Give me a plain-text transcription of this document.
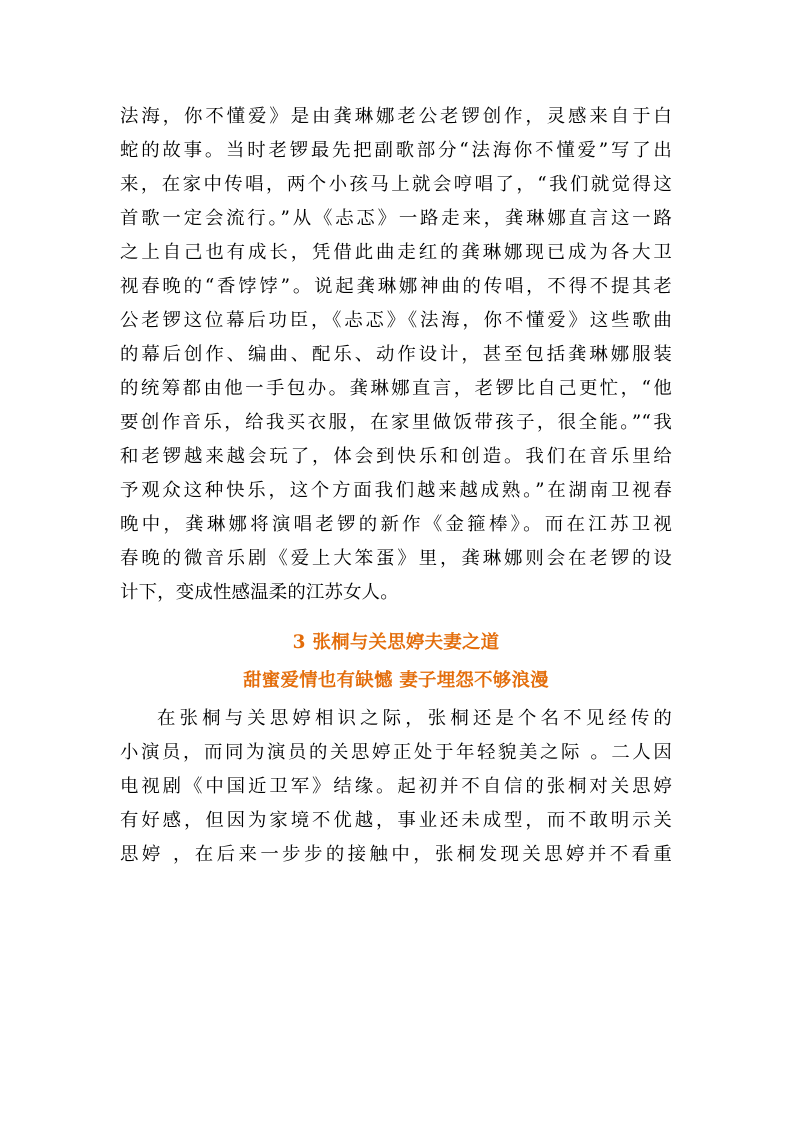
法海，你不懂爱》是由龚琳娜老公老锣创作，灵感来自于白
蛇的故事。当时老锣最先把副歌部分“法海你不懂爱”写了出
来，在家中传唱，两个小孩马上就会哼唱了，“我们就觉得这
首歌一定会流行。”从《忐忑》一路走来，龚琳娜直言这一路
之上自己也有成长，凭借此曲走红的龚琳娜现已成为各大卫
视春晚的“香饽饽”。说起龚琳娜神曲的传唱，不得不提其老
公老锣这位幕后功臣，《忐忑》《法海，你不懂爱》这些歌曲
的幕后创作、编曲、配乐、动作设计，甚至包括龚琳娜服装
的统筹都由他一手包办。龚琳娜直言，老锣比自己更忙，“他
要创作音乐，给我买衣服，在家里做饭带孩子，很全能。”“我
和老锣越来越会玩了，体会到快乐和创造。我们在音乐里给
予观众这种快乐，这个方面我们越来越成熟。”在湖南卫视春
晚中，龚琳娜将演唱老锣的新作《金箍棒》。而在江苏卫视
春晚的微音乐剧《爱上大笨蛋》里，龚琳娜则会在老锣的设
计下，变成性感温柔的江苏女人。
3 张桐与关思婷夫妻之道
甜蜜爱情也有缺憾 妻子埋怨不够浪漫
在张桐与关思婷相识之际，张桐还是个名不见经传的
小演员，而同为演员的关思婷正处于年轻貌美之际 。二人因
电视剧《中国近卫军》结缘。起初并不自信的张桐对关思婷
有好感，但因为家境不优越，事业还未成型，而不敢明示关
思婷 ，在后来一步步的接触中，张桐发现关思婷并不看重
